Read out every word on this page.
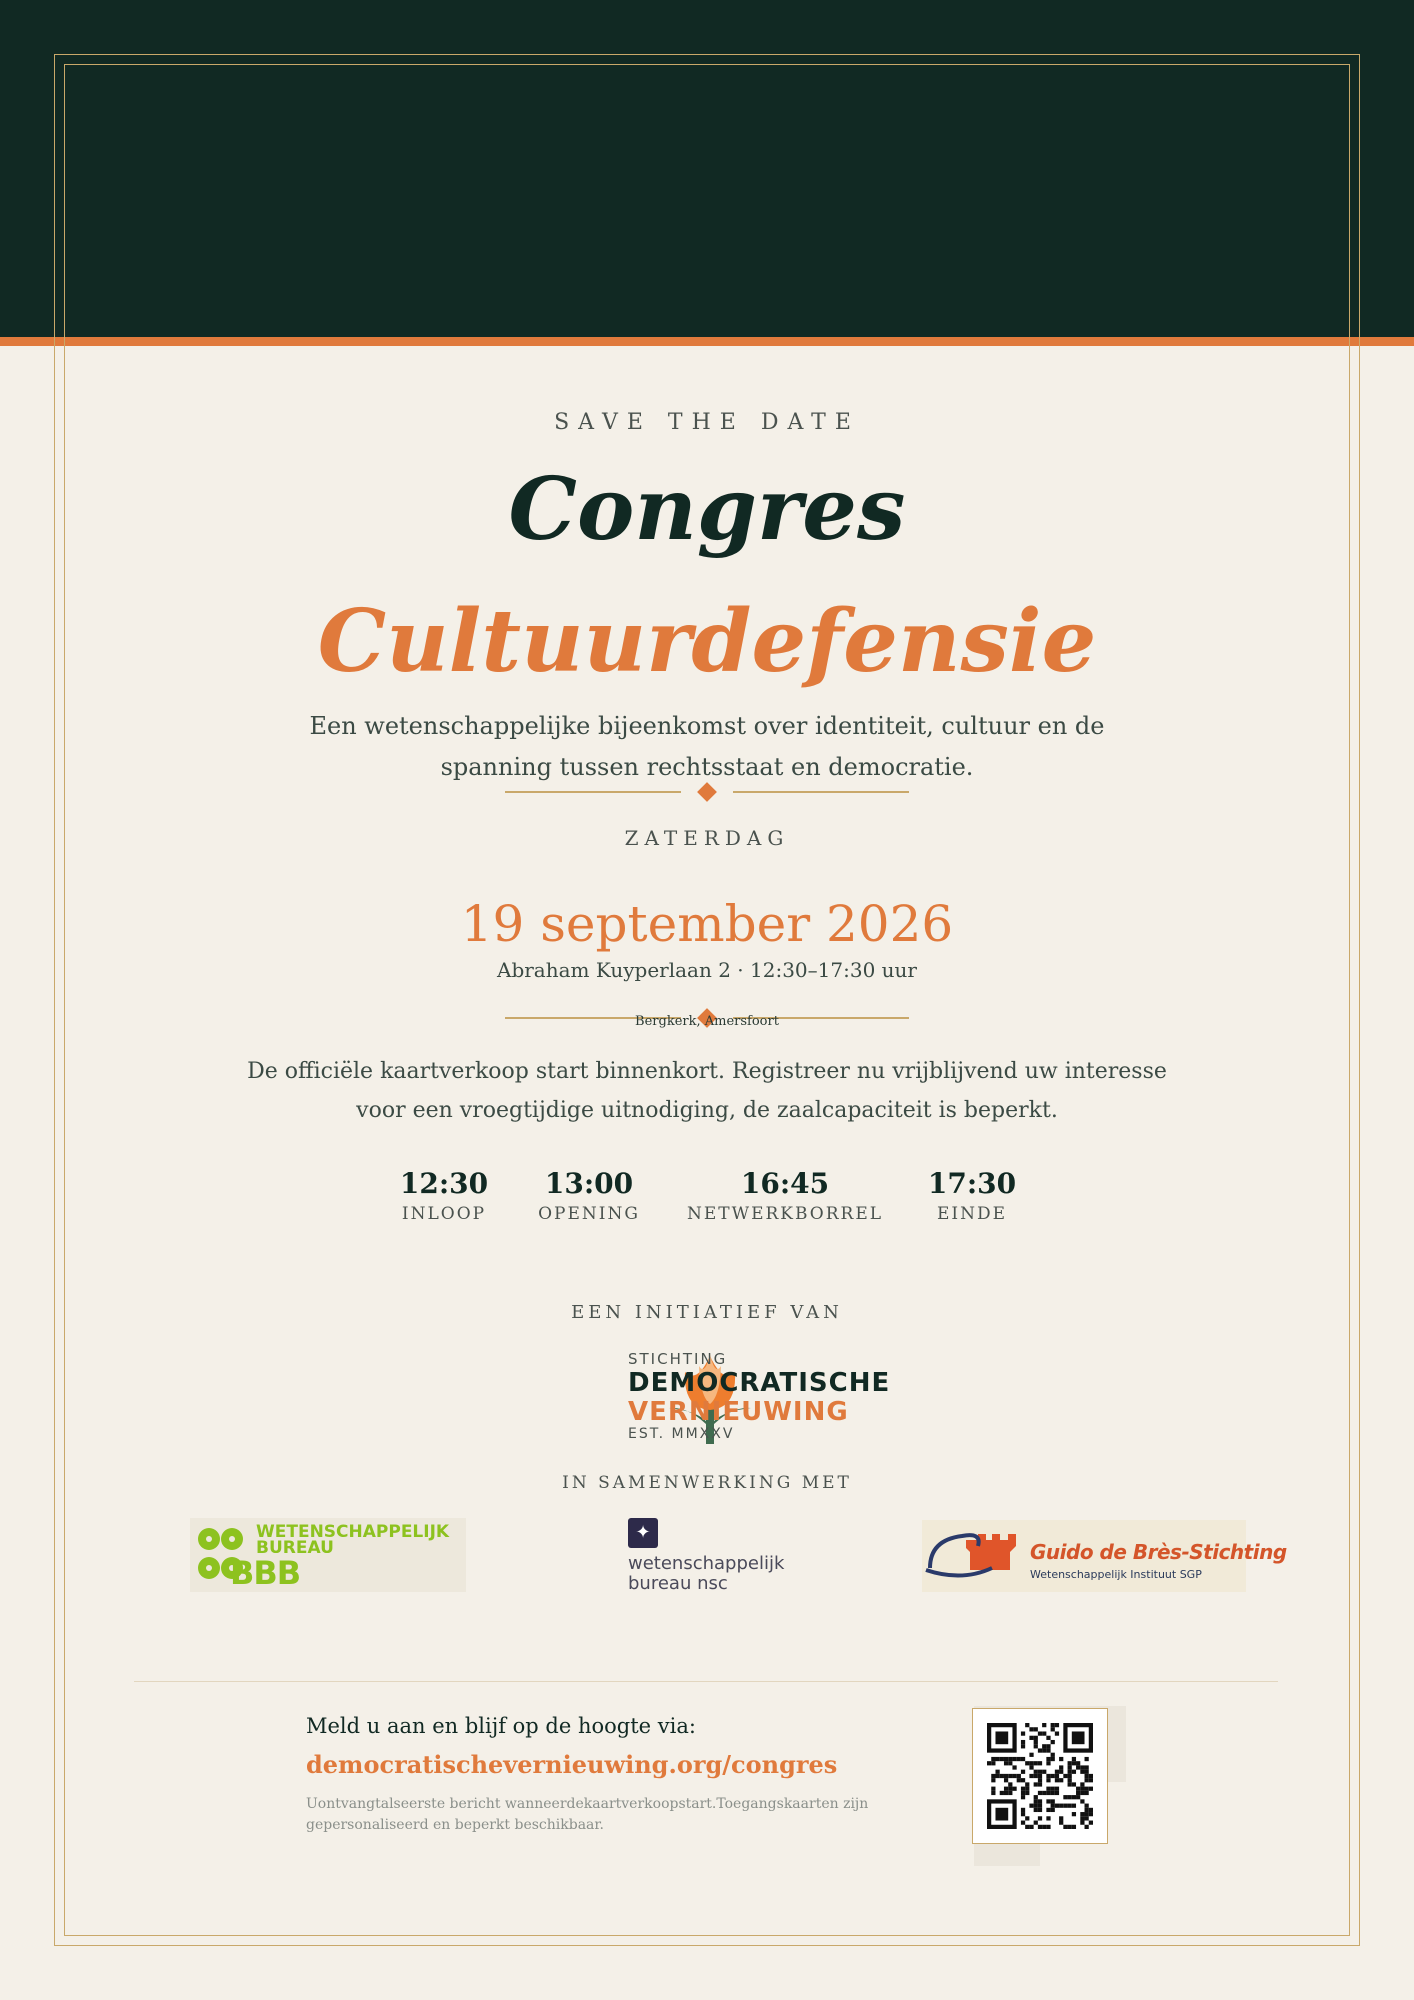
SAVE THE DATE
Congres
Cultuurdefensie
Een wetenschappelijke bijeenkomst over identiteit, cultuur en de spanning tussen rechtsstaat en democratie.
ZATERDAG
19 september 2026
Abraham Kuyperlaan 2 · 12:30–17:30 uur
Bergkerk, Amersfoort
De officiële kaartverkoop start binnenkort. Registreer nu vrijblijvend uw interesse voor een vroegtijdige uitnodiging, de zaalcapaciteit is beperkt.
12:30
INLOOP
13:00
OPENING
16:45
NETWERKBORREL
17:30
EINDE
EEN INITIATIEF VAN
STICHTING
DEMOCRATISCHE
VERNIEUWING
EST. MMXXV
IN SAMENWERKING MET
WETENSCHAPPELIJK
BUREAU
BBB
✦
wetenschappelijk
bureau nsc
Guido de Brès-Stichting
Wetenschappelijk Instituut SGP
Meld u aan en blijf op de hoogte via:
democratischevernieuwing.org/congres
Uontvangtalseerste bericht wanneerdekaartverkoopstart.Toegangskaarten zijn gepersonaliseerd en beperkt beschikbaar.
